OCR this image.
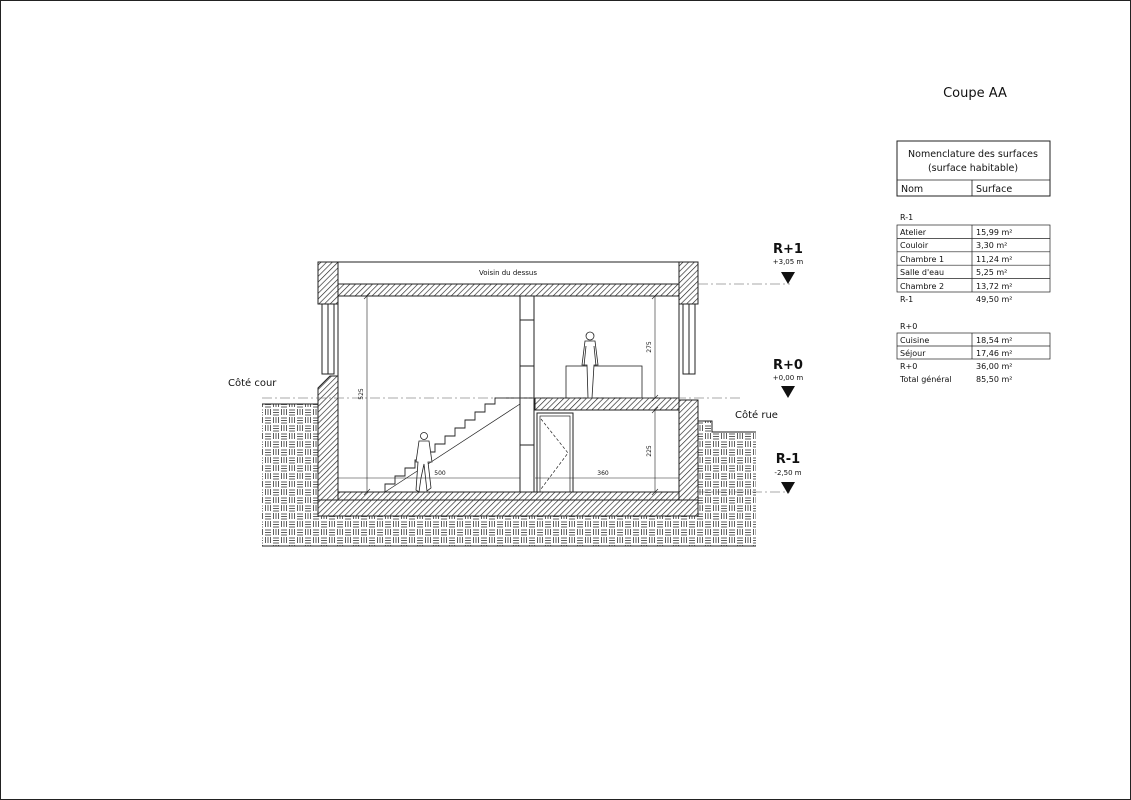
Voisin du dessus
525
275
225
500	360
Côté cour
Côté rue
R+1
+3,05 m
R+0
+0,00 m
R-1
-2,50 m
Coupe AA
Nomenclature des surfaces
(surface habitable)
Nom	Surface
R-1
Atelier	15,99 m²
Couloir	3,30 m²
Chambre 1	11,24 m²
Salle d'eau	5,25 m²
Chambre 2	13,72 m²
R-1	49,50 m²
R+0
Cuisine	18,54 m²
Séjour	17,46 m²
R+0	36,00 m²
Total général	85,50 m²
